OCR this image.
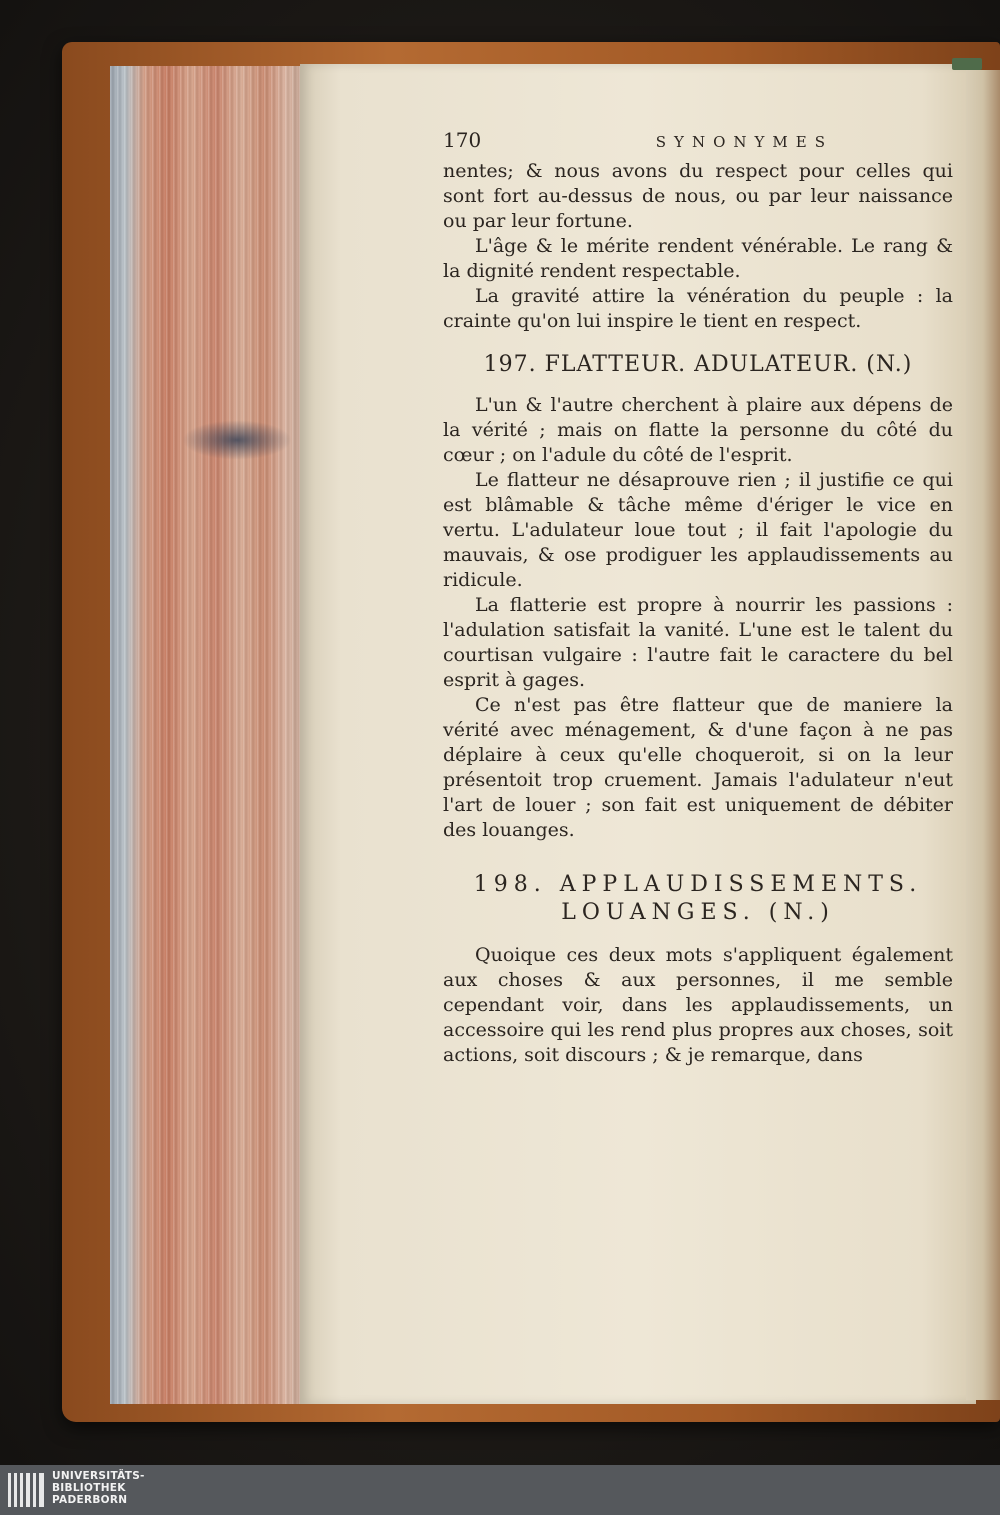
170	SYNONYMES

nentes; & nous avons du respect pour celles qui sont fort au-dessus de nous, ou par leur naissance ou par leur fortune.

L'âge & le mérite rendent vénérable. Le rang & la dignité rendent respectable.

La gravité attire la vénération du peuple : la crainte qu'on lui inspire le tient en respect.

197. FLATTEUR. ADULATEUR. (N.)

L'un & l'autre cherchent à plaire aux dépens de la vérité ; mais on flatte la personne du côté du cœur ; on l'adule du côté de l'esprit.

Le flatteur ne désaprouve rien ; il justifie ce qui est blâmable & tâche même d'ériger le vice en vertu. L'adulateur loue tout ; il fait l'apologie du mauvais, & ose prodiguer les applaudissements au ridicule.

La flatterie est propre à nourrir les passions : l'adulation satisfait la vanité. L'une est le talent du courtisan vulgaire : l'autre fait le caractere du bel esprit à gages.

Ce n'est pas être flatteur que de maniere la vérité avec ménagement, & d'une façon à ne pas déplaire à ceux qu'elle choqueroit, si on la leur présentoit trop cruement. Jamais l'adulateur n'eut l'art de louer ; son fait est uniquement de débiter des louanges.

198. APPLAUDISSEMENTS.
LOUANGES. (N.)

Quoique ces deux mots s'appliquent également aux choses & aux personnes, il me semble cependant voir, dans les applaudissements, un accessoire qui les rend plus propres aux choses, soit actions, soit discours ; & je remarque, dans

UNIVERSITÄTS-
BIBLIOTHEK
PADERBORN
